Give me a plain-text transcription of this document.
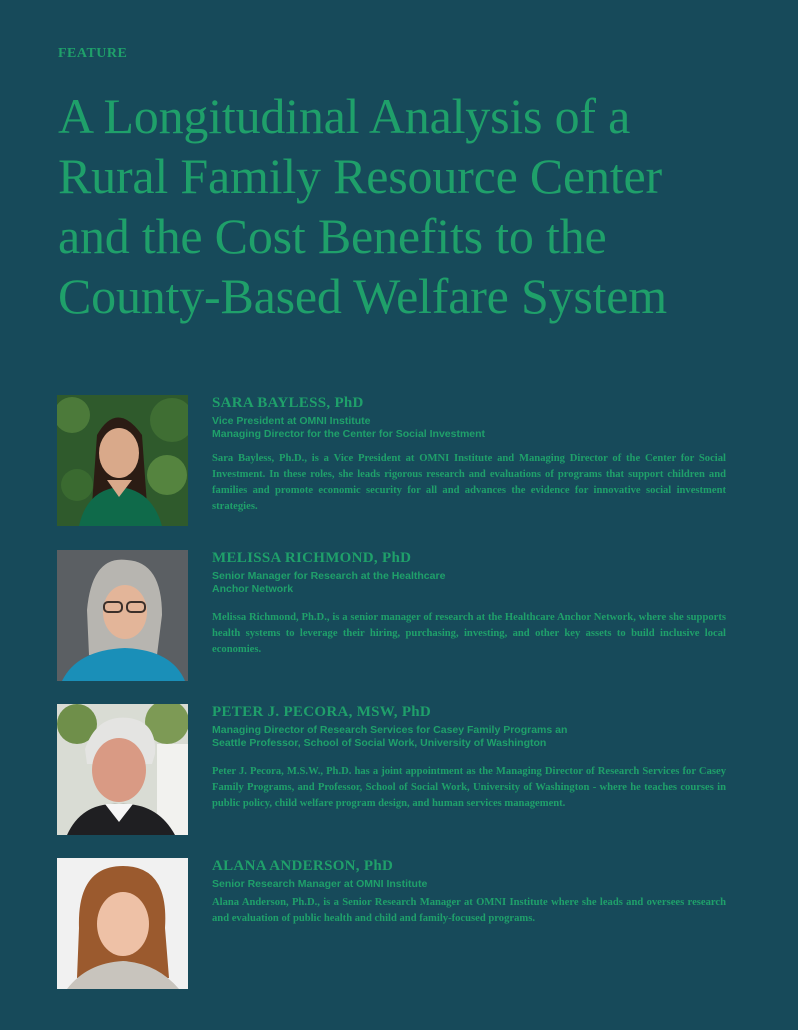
FEATURE
A Longitudinal Analysis of a
Rural Family Resource Center
and the Cost Benefits to the
County-Based Welfare System

SARA BAYLESS, PhD

Vice President at OMNI Institute

Managing Director for the Center for Social Investment

Sara Bayless, Ph.D., is a Vice President at OMNI Institute and Managing Director of the Center for Social Investment. In these roles, she leads rigorous research and evaluations of programs that support children and families and promote economic security for all and advances the evidence for innovative social investment strategies.

MELISSA RICHMOND, PhD

Senior Manager for Research at the Healthcare

Anchor Network

Melissa Richmond, Ph.D., is a senior manager of research at the Healthcare Anchor Network, where she supports health systems to leverage their hiring, purchasing, investing, and other key assets to build inclusive local economies.

PETER J. PECORA, MSW, PhD

Managing Director of Research Services for Casey Family Programs an

Seattle Professor, School of Social Work, University of Washington

Peter J. Pecora, M.S.W., Ph.D. has a joint appointment as the Managing Director of Research Services for Casey Family Programs, and Professor, School of Social Work, University of Washington - where he teaches courses in public policy, child welfare program design, and human services management.

ALANA ANDERSON, PhD

Senior Research Manager at OMNI Institute

Alana Anderson, Ph.D., is a Senior Research Manager at OMNI Institute where she leads and oversees research and evaluation of public health and child and family-focused programs.
